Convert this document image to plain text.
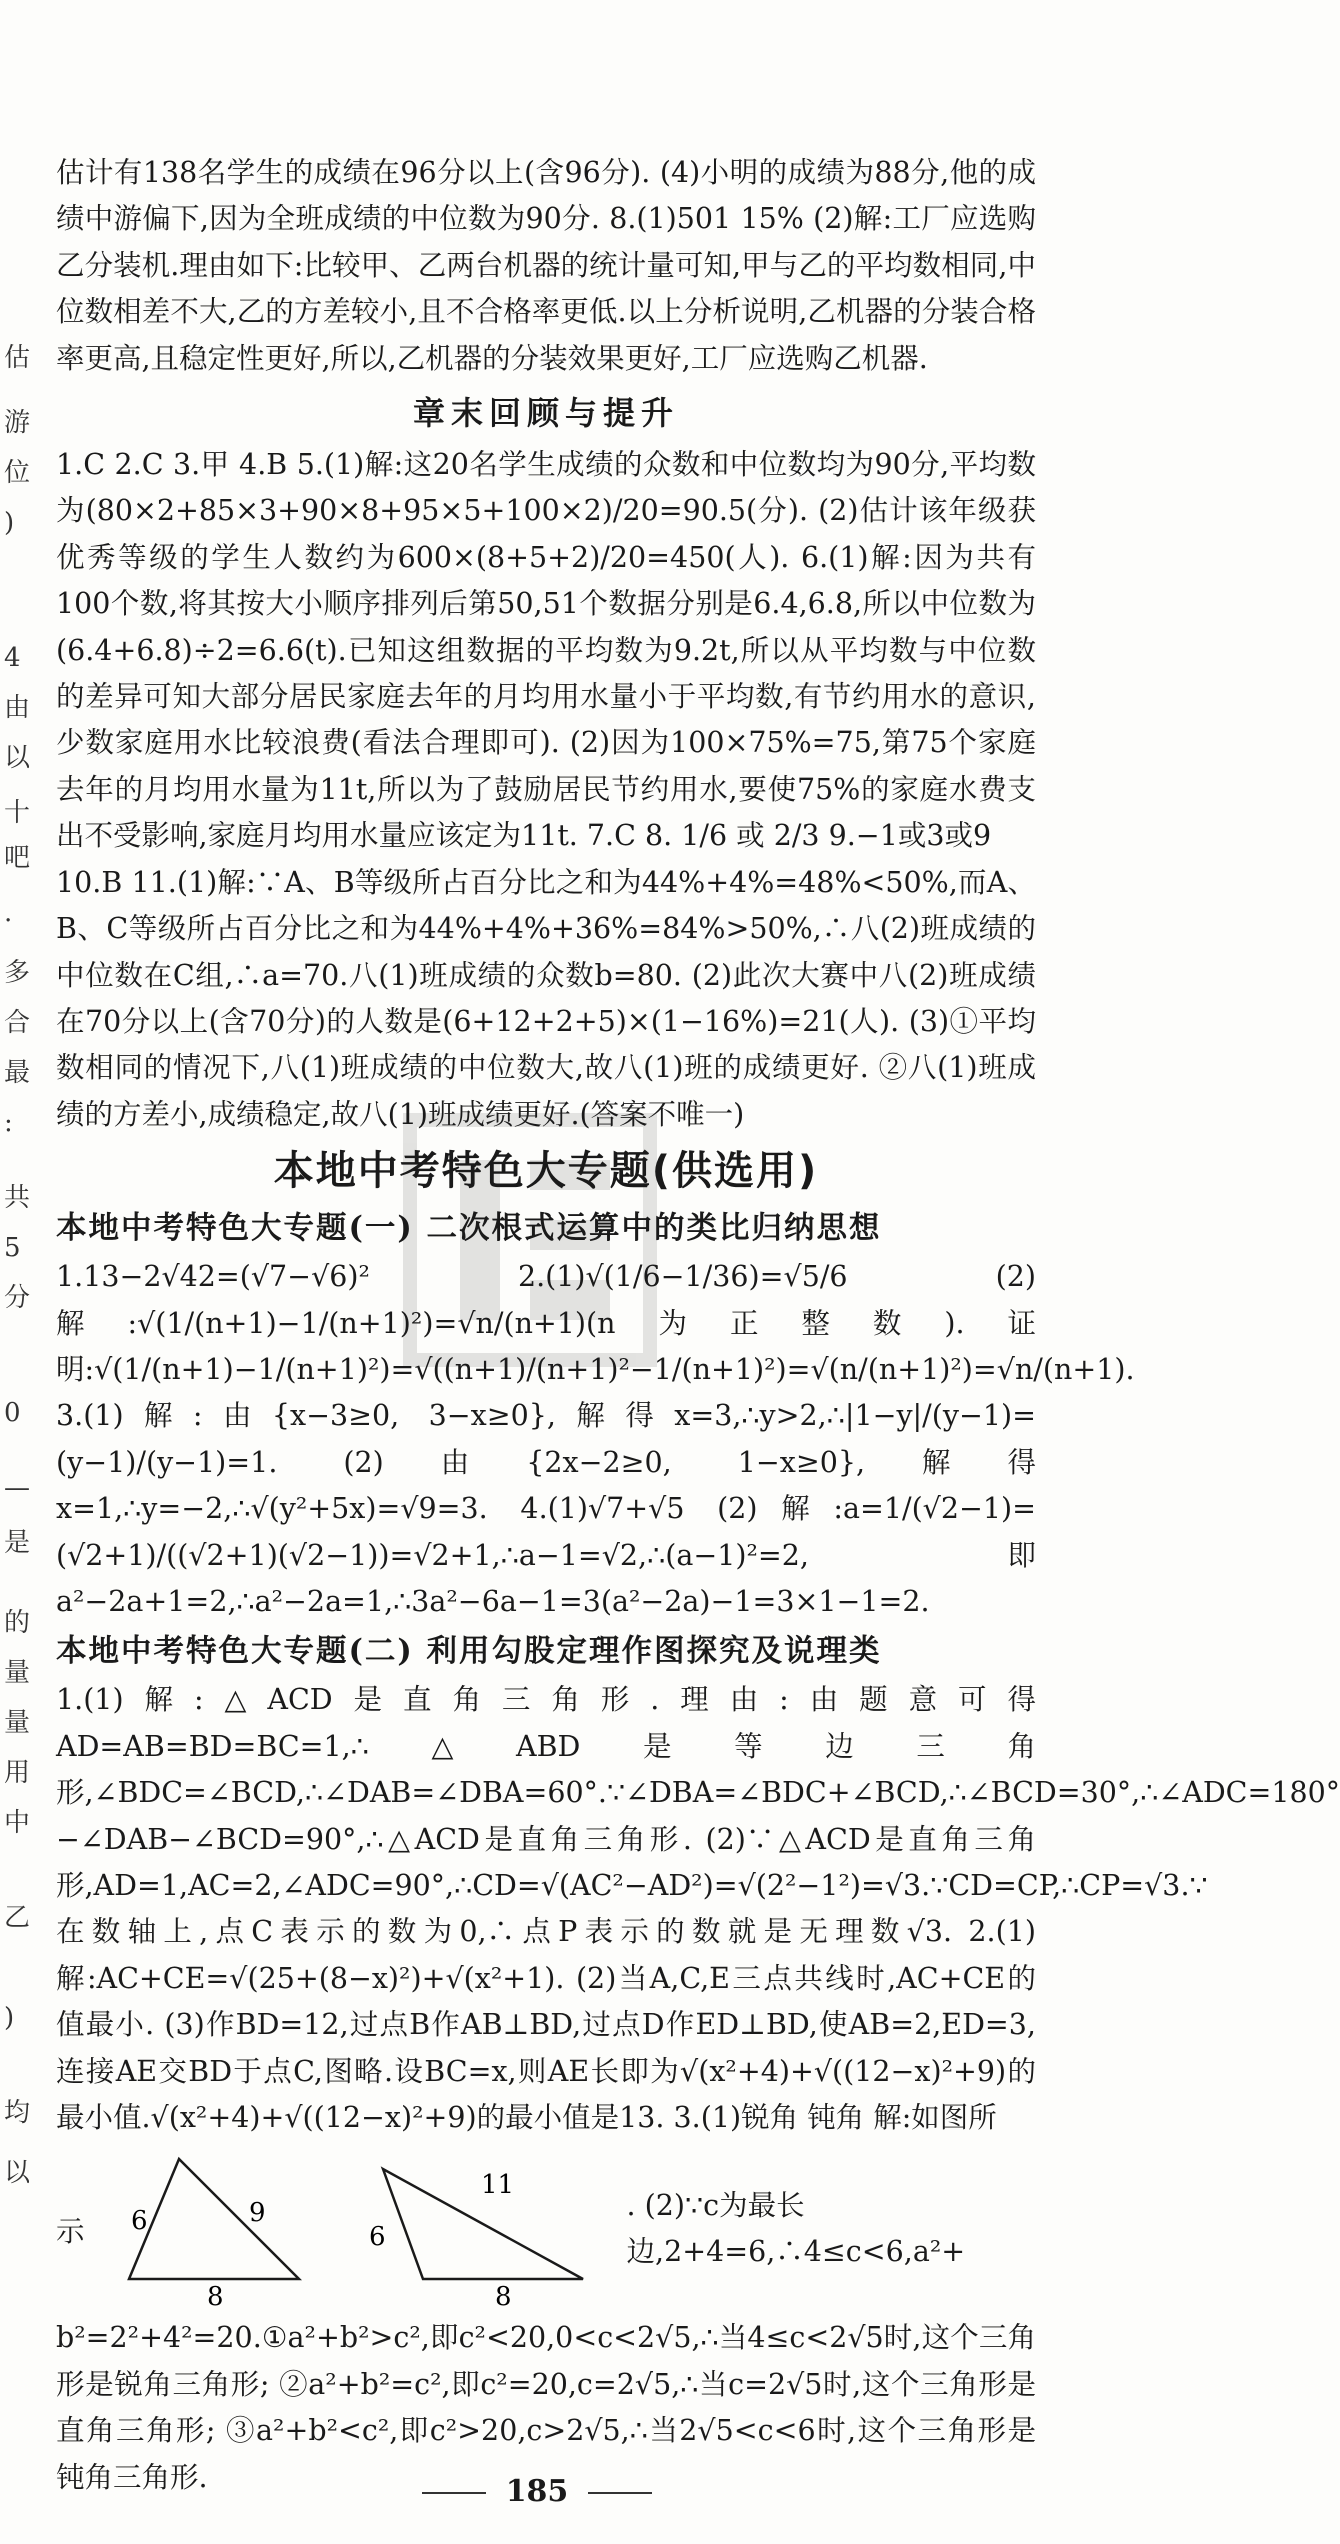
估
游
位
)
4
由
以
十
吧
.
多
合
最
:
共
5
分
0
—
是
的
量
量
用
中
乙
)
均
以

估计有138名学生的成绩在96分以上(含96分). (4)小明的成绩为88分,他的成绩中游偏下,因为全班成绩的中位数为90分. 8.(1)501 15% (2)解:工厂应选购乙分装机.理由如下:比较甲、乙两台机器的统计量可知,甲与乙的平均数相同,中位数相差不大,乙的方差较小,且不合格率更低.以上分析说明,乙机器的分装合格率更高,且稳定性更好,所以,乙机器的分装效果更好,工厂应选购乙机器.

章末回顾与提升

1.C 2.C 3.甲 4.B 5.(1)解:这20名学生成绩的众数和中位数均为90分,平均数为(80×2+85×3+90×8+95×5+100×2)/20=90.5(分). (2)估计该年级获优秀等级的学生人数约为600×(8+5+2)/20=450(人). 6.(1)解:因为共有100个数,将其按大小顺序排列后第50,51个数据分别是6.4,6.8,所以中位数为(6.4+6.8)÷2=6.6(t).已知这组数据的平均数为9.2t,所以从平均数与中位数的差异可知大部分居民家庭去年的月均用水量小于平均数,有节约用水的意识,少数家庭用水比较浪费(看法合理即可). (2)因为100×75%=75,第75个家庭去年的月均用水量为11t,所以为了鼓励居民节约用水,要使75%的家庭水费支出不受影响,家庭月均用水量应该定为11t. 7.C 8. 1/6 或 2/3 9.−1或3或9

10.B 11.(1)解:∵A、B等级所占百分比之和为44%+4%=48%<50%,而A、B、C等级所占百分比之和为44%+4%+36%=84%>50%,∴八(2)班成绩的中位数在C组,∴a=70.八(1)班成绩的众数b=80. (2)此次大赛中八(2)班成绩在70分以上(含70分)的人数是(6+12+2+5)×(1−16%)=21(人). (3)①平均数相同的情况下,八(1)班成绩的中位数大,故八(1)班的成绩更好. ②八(1)班成绩的方差小,成绩稳定,故八(1)班成绩更好.(答案不唯一)

本地中考特色大专题(供选用)
本地中考特色大专题(一) 二次根式运算中的类比归纳思想

1.13−2√42=(√7−√6)² 2.(1)√(1/6−1/36)=√5/6 (2)解:√(1/(n+1)−1/(n+1)²)=√n/(n+1)(n为正整数).证明:√(1/(n+1)−1/(n+1)²)=√((n+1)/(n+1)²−1/(n+1)²)=√(n/(n+1)²)=√n/(n+1). 3.(1)解:由{x−3≥0, 3−x≥0},解得x=3,∴y>2,∴|1−y|/(y−1)=(y−1)/(y−1)=1. (2)由{2x−2≥0, 1−x≥0},解得x=1,∴y=−2,∴√(y²+5x)=√9=3. 4.(1)√7+√5 (2)解:a=1/(√2−1)=(√2+1)/((√2+1)(√2−1))=√2+1,∴a−1=√2,∴(a−1)²=2,即a²−2a+1=2,∴a²−2a=1,∴3a²−6a−1=3(a²−2a)−1=3×1−1=2.

本地中考特色大专题(二) 利用勾股定理作图探究及说理类

1.(1)解:△ACD是直角三角形.理由:由题意可得AD=AB=BD=BC=1,∴△ABD是等边三角形,∠BDC=∠BCD,∴∠DAB=∠DBA=60°.∵∠DBA=∠BDC+∠BCD,∴∠BCD=30°,∴∠ADC=180°−∠DAB−∠BCD=90°,∴△ACD是直角三角形. (2)∵△ACD是直角三角形,AD=1,AC=2,∠ADC=90°,∴CD=√(AC²−AD²)=√(2²−1²)=√3.∵CD=CP,∴CP=√3.∵在数轴上,点C表示的数为0,∴点P表示的数就是无理数√3. 2.(1)解:AC+CE=√(25+(8−x)²)+√(x²+1). (2)当A,C,E三点共线时,AC+CE的值最小. (3)作BD=12,过点B作AB⊥BD,过点D作ED⊥BD,使AB=2,ED=3,连接AE交BD于点C,图略.设BC=x,则AE长即为√(x²+4)+√((12−x)²+9)的最小值.√(x²+4)+√((12−x)²+9)的最小值是13. 3.(1)锐角 钝角 解:如图所

示 6	9
8
6
11
8
. (2)∵c为最长边,2+4=6,∴4≤c<6,a²+

b²=2²+4²=20.①a²+b²>c²,即c²<20,0<c<2√5,∴当4≤c<2√5时,这个三角形是锐角三角形; ②a²+b²=c²,即c²=20,c=2√5,∴当c=2√5时,这个三角形是直角三角形; ③a²+b²<c²,即c²>20,c>2√5,∴当2√5<c<6时,这个三角形是钝角三角形.	185
